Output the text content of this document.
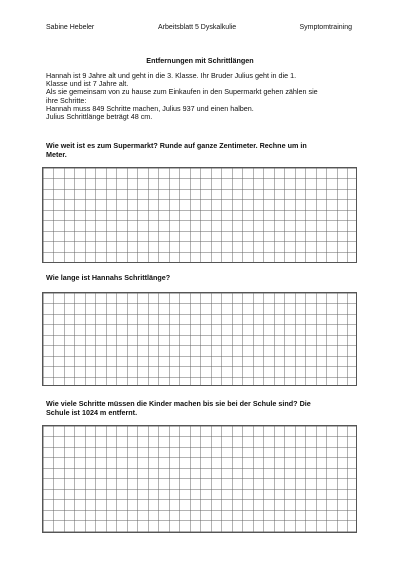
Sabine Hebeler	Arbeitsblatt 5 Dyskalkulie	Symptomtraining
Entfernungen mit Schrittlängen
Hannah ist 9 Jahre alt und geht in die 3. Klasse. Ihr Bruder Julius geht in die 1.
Klasse und ist 7 Jahre alt.
Als sie gemeinsam von zu hause zum Einkaufen in den Supermarkt gehen zählen sie
ihre Schritte:
Hannah muss 849 Schritte machen, Julius 937 und einen halben.
Julius Schrittlänge beträgt 48 cm.
Wie weit ist es zum Supermarkt? Runde auf ganze Zentimeter. Rechne um in
Meter.
Wie lange ist Hannahs Schrittlänge?
Wie viele Schritte müssen die Kinder machen bis sie bei der Schule sind? Die
Schule ist 1024 m entfernt.
